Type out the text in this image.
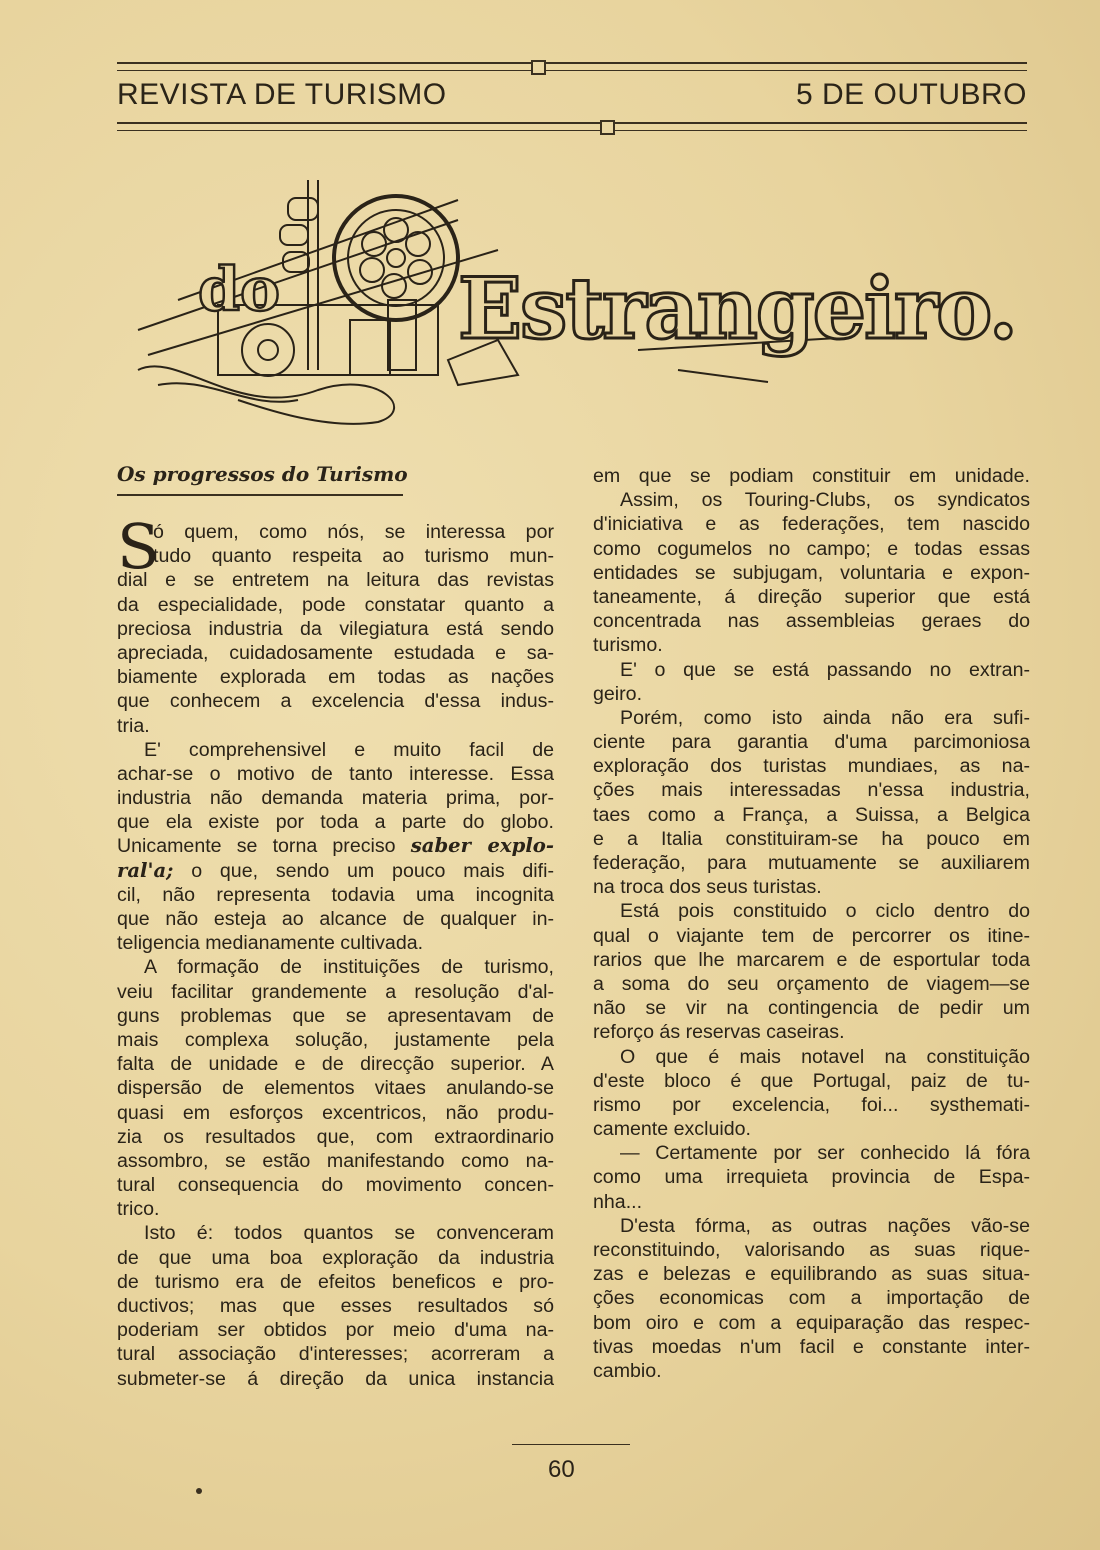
REVISTA DE TURISMO	5 DE OUTUBRO
do Estrangeiro.
Os progressos do Turismo
S
ó quem, como nós, se interessa por
tudo quanto respeita ao turismo mun-
dial e se entretem na leitura das revistas
da especialidade, pode constatar quanto a
preciosa industria da vilegiatura está sendo
apreciada, cuidadosamente estudada e sa-
biamente explorada em todas as nações
que conhecem a excelencia d'essa indus-
tria.
E' comprehensivel e muito facil de
achar-se o motivo de tanto interesse. Essa
industria não demanda materia prima, por-
que ela existe por toda a parte do globo.
Unicamente se torna preciso saber explo-
ral'a; o que, sendo um pouco mais difi-
cil, não representa todavia uma incognita
que não esteja ao alcance de qualquer in-
teligencia medianamente cultivada.
A formação de instituições de turismo,
veiu facilitar grandemente a resolução d'al-
guns problemas que se apresentavam de
mais complexa solução, justamente pela
falta de unidade e de direcção superior. A
dispersão de elementos vitaes anulando-se
quasi em esforços excentricos, não produ-
zia os resultados que, com extraordinario
assombro, se estão manifestando como na-
tural consequencia do movimento concen-
trico.
Isto é: todos quantos se convenceram
de que uma boa exploração da industria
de turismo era de efeitos beneficos e pro-
ductivos; mas que esses resultados só
poderiam ser obtidos por meio d'uma na-
tural associação d'interesses; acorreram a
submeter-se á direção da unica instancia
em que se podiam constituir em unidade.
Assim, os Touring-Clubs, os syndicatos
d'iniciativa e as federações, tem nascido
como cogumelos no campo; e todas essas
entidades se subjugam, voluntaria e expon-
taneamente, á direção superior que está
concentrada nas assembleias geraes do
turismo.
E' o que se está passando no extran-
geiro.
Porém, como isto ainda não era sufi-
ciente para garantia d'uma parcimoniosa
exploração dos turistas mundiaes, as na-
ções mais interessadas n'essa industria,
taes como a França, a Suissa, a Belgica
e a Italia constituiram-se ha pouco em
federação, para mutuamente se auxiliarem
na troca dos seus turistas.
Está pois constituido o ciclo dentro do
qual o viajante tem de percorrer os itine-
rarios que lhe marcarem e de esportular toda
a soma do seu orçamento de viagem—se
não se vir na contingencia de pedir um
reforço ás reservas caseiras.
O que é mais notavel na constituição
d'este bloco é que Portugal, paiz de tu-
rismo por excelencia, foi... systhemati-
camente excluido.
— Certamente por ser conhecido lá fóra
como uma irrequieta provincia de Espa-
nha...
D'esta fórma, as outras nações vão-se
reconstituindo, valorisando as suas rique-
zas e belezas e equilibrando as suas situa-
ções economicas com a importação de
bom oiro e com a equiparação das respec-
tivas moedas n'um facil e constante inter-
cambio.
60
